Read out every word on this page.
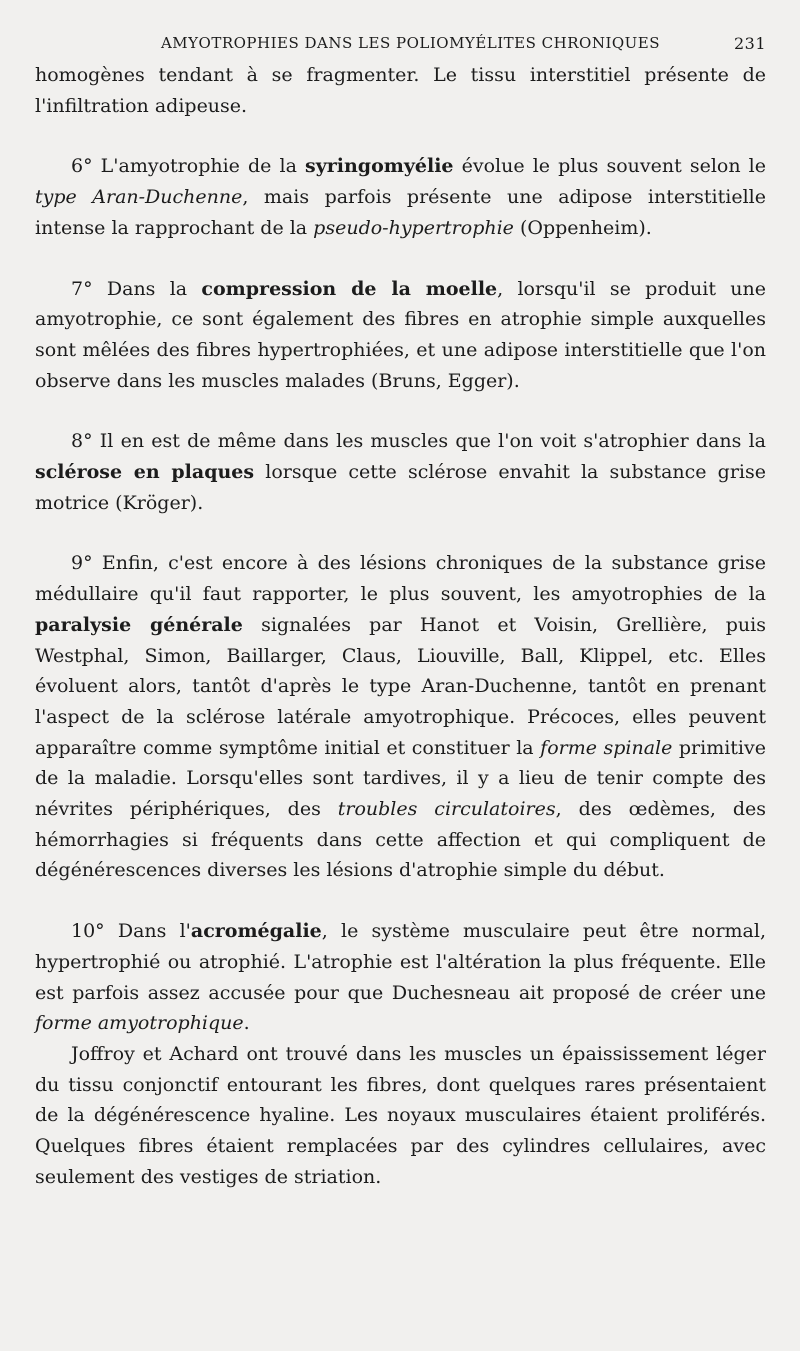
AMYOTROPHIES DANS LES POLIOMYÉLITES CHRONIQUES	231

homogènes tendant à se fragmenter. Le tissu interstitiel présente de l'infiltration adipeuse.

6° L'amyotrophie de la syringomyélie évolue le plus souvent selon le type Aran-Duchenne, mais parfois présente une adipose interstitielle intense la rapprochant de la pseudo-hypertrophie (Oppenheim).

7° Dans la compression de la moelle, lorsqu'il se produit une amyotrophie, ce sont également des fibres en atrophie simple auxquelles sont mêlées des fibres hypertrophiées, et une adipose interstitielle que l'on observe dans les muscles malades (Bruns, Egger).

8° Il en est de même dans les muscles que l'on voit s'atrophier dans la sclérose en plaques lorsque cette sclérose envahit la substance grise motrice (Kröger).

9° Enfin, c'est encore à des lésions chroniques de la substance grise médullaire qu'il faut rapporter, le plus souvent, les amyotrophies de la paralysie générale signalées par Hanot et Voisin, Grellière, puis Westphal, Simon, Baillarger, Claus, Liouville, Ball, Klippel, etc. Elles évoluent alors, tantôt d'après le type Aran-Duchenne, tantôt en prenant l'aspect de la sclérose latérale amyotrophique. Précoces, elles peuvent apparaître comme symptôme initial et constituer la forme spinale primitive de la maladie. Lorsqu'elles sont tardives, il y a lieu de tenir compte des névrites périphériques, des troubles circulatoires, des œdèmes, des hémorrhagies si fréquents dans cette affection et qui compliquent de dégénérescences diverses les lésions d'atrophie simple du début.

10° Dans l'acromégalie, le système musculaire peut être normal, hypertrophié ou atrophié. L'atrophie est l'altération la plus fréquente. Elle est parfois assez accusée pour que Duchesneau ait proposé de créer une forme amyotrophique.

Joffroy et Achard ont trouvé dans les muscles un épaississement léger du tissu conjonctif entourant les fibres, dont quelques rares présentaient de la dégénérescence hyaline. Les noyaux musculaires étaient proliférés. Quelques fibres étaient remplacées par des cylindres cellulaires, avec seulement des vestiges de striation.
